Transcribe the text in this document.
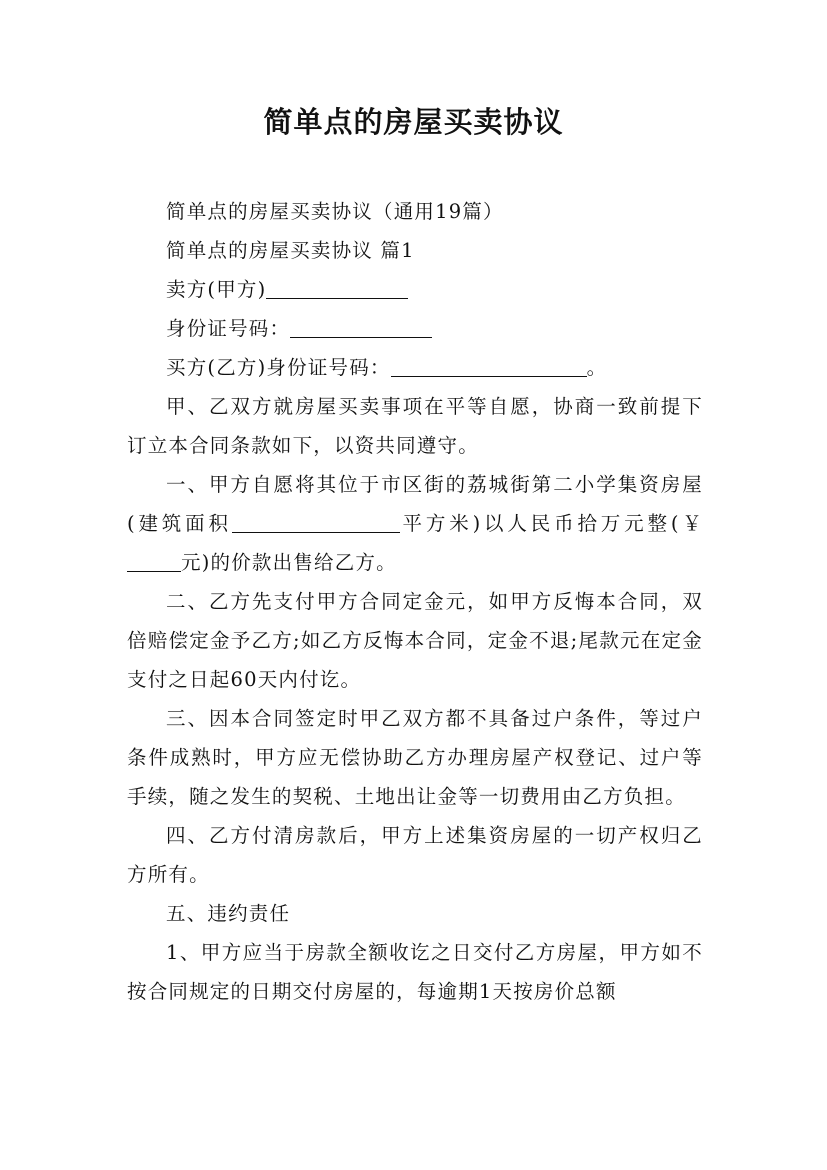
简单点的房屋买卖协议

简单点的房屋买卖协议（通用19篇）

简单点的房屋买卖协议 篇1

卖方(甲方)

身份证号码：

买方(乙方)身份证号码：	。

甲、乙双方就房屋买卖事项在平等自愿，协商一致前提下订立本合同条款如下，以资共同遵守。

一、甲方自愿将其位于市区街的荔城街第二小学集资房屋(建筑面积	平方米)以人民币拾万元整(￥元)的价款出售给乙方。

二、乙方先支付甲方合同定金元，如甲方反悔本合同，双倍赔偿定金予乙方;如乙方反悔本合同，定金不退;尾款元在定金支付之日起60天内付讫。

三、因本合同签定时甲乙双方都不具备过户条件，等过户条件成熟时，甲方应无偿协助乙方办理房屋产权登记、过户等手续，随之发生的契税、土地出让金等一切费用由乙方负担。

四、乙方付清房款后，甲方上述集资房屋的一切产权归乙方所有。

五、违约责任

1、甲方应当于房款全额收讫之日交付乙方房屋，甲方如不按合同规定的日期交付房屋的，每逾期1天按房价总额
